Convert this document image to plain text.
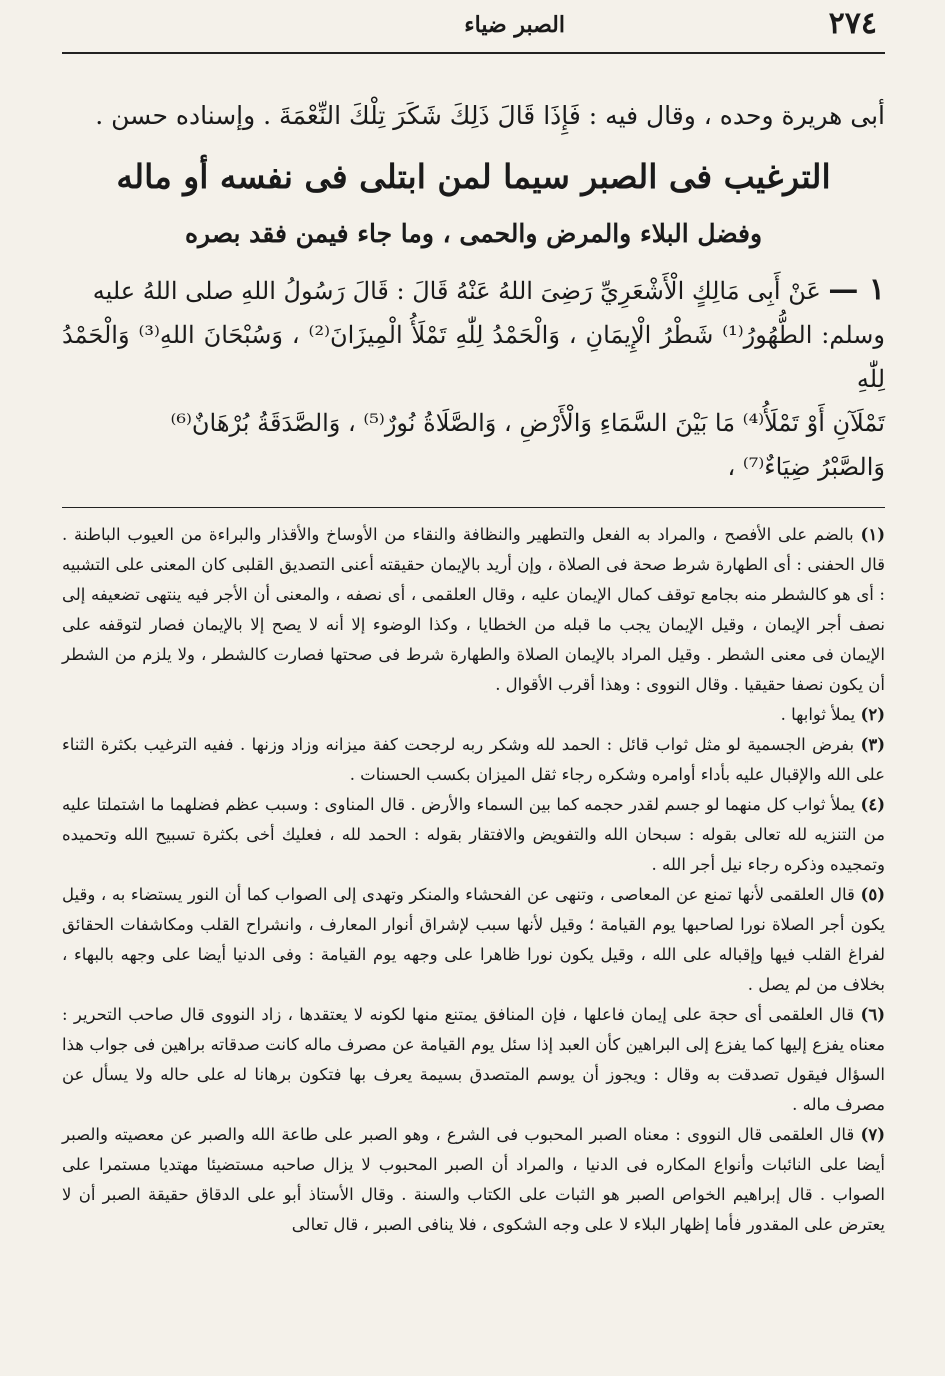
٢٧٤
الصبر ضياء

أبى هريرة وحده ، وقال فيه : فَإِذَا قَالَ ذَلِكَ شَكَرَ تِلْكَ النِّعْمَةَ . وإسناده حسن .

الترغيب فى الصبر سيما لمن ابتلى فى نفسه أو ماله
وفضل البلاء والمرض والحمى ، وما جاء فيمن فقد بصره
١ — عَنْ أَبِى مَالِكٍ الْأَشْعَرِيِّ رَضِىَ اللهُ عَنْهُ قَالَ : قَالَ رَسُولُ اللهِ صلى اللهُ عليه
وسلم: الطُّهُورُ⁽¹⁾ شَطْرُ الْإِيمَانِ ، وَالْحَمْدُ لِلّٰهِ تَمْلَأُ الْمِيزَانَ⁽²⁾ ، وَسُبْحَانَ اللهِ⁽³⁾ وَالْحَمْدُ لِلّٰهِ
تَمْلَآنِ أَوْ تَمْلَأُ⁽⁴⁾ مَا بَيْنَ السَّمَاءِ وَالْأَرْضِ ، وَالصَّلَاةُ نُورٌ⁽⁵⁾ ، وَالصَّدَقَةُ بُرْهَانٌ⁽⁶⁾
وَالصَّبْرُ ضِيَاءٌ⁽⁷⁾ ،

(١) بالضم على الأفصح ، والمراد به الفعل والتطهير والنظافة والنقاء من الأوساخ والأقذار والبراءة من العيوب الباطنة . قال الحفنى : أى الطهارة شرط صحة فى الصلاة ، وإن أريد بالإيمان حقيقته أعنى التصديق القلبى كان المعنى على التشبيه : أى هو كالشطر منه بجامع توقف كمال الإيمان عليه ، وقال العلقمى ، أى نصفه ، والمعنى أن الأجر فيه ينتهى تضعيفه إلى نصف أجر الإيمان ، وقيل الإيمان يجب ما قبله من الخطايا ، وكذا الوضوء إلا أنه لا يصح إلا بالإيمان فصار لتوقفه على الإيمان فى معنى الشطر . وقيل المراد بالإيمان الصلاة والطهارة شرط فى صحتها فصارت كالشطر ، ولا يلزم من الشطر أن يكون نصفا حقيقيا . وقال النووى : وهذا أقرب الأقوال .

(٢) يملأ ثوابها .

(٣) بفرض الجسمية لو مثل ثواب قائل : الحمد لله وشكر ربه لرجحت كفة ميزانه وزاد وزنها . ففيه الترغيب بكثرة الثناء على الله والإقبال عليه بأداء أوامره وشكره رجاء ثقل الميزان بكسب الحسنات .

(٤) يملأ ثواب كل منهما لو جسم لقدر حجمه كما بين السماء والأرض . قال المناوى : وسبب عظم فضلهما ما اشتملتا عليه من التنزيه لله تعالى بقوله : سبحان الله والتفويض والافتقار بقوله : الحمد لله ، فعليك أخى بكثرة تسبيح الله وتحميده وتمجيده وذكره رجاء نيل أجر الله .

(٥) قال العلقمى لأنها تمنع عن المعاصى ، وتنهى عن الفحشاء والمنكر وتهدى إلى الصواب كما أن النور يستضاء به ، وقيل يكون أجر الصلاة نورا لصاحبها يوم القيامة ؛ وقيل لأنها سبب لإشراق أنوار المعارف ، وانشراح القلب ومكاشفات الحقائق لفراغ القلب فيها وإقباله على الله ، وقيل يكون نورا ظاهرا على وجهه يوم القيامة : وفى الدنيا أيضا على وجهه بالبهاء ، بخلاف من لم يصل .

(٦) قال العلقمى أى حجة على إيمان فاعلها ، فإن المنافق يمتنع منها لكونه لا يعتقدها ، زاد النووى قال صاحب التحرير : معناه يفزع إليها كما يفزع إلى البراهين كأن العبد إذا سئل يوم القيامة عن مصرف ماله كانت صدقاته براهين فى جواب هذا السؤال فيقول تصدقت به وقال : ويجوز أن يوسم المتصدق بسيمة يعرف بها فتكون برهانا له على حاله ولا يسأل عن مصرف ماله .

(٧) قال العلقمى قال النووى : معناه الصبر المحبوب فى الشرع ، وهو الصبر على طاعة الله والصبر عن معصيته والصبر أيضا على النائبات وأنواع المكاره فى الدنيا ، والمراد أن الصبر المحبوب لا يزال صاحبه مستضيئا مهتديا مستمرا على الصواب . قال إبراهيم الخواص الصبر هو الثبات على الكتاب والسنة . وقال الأستاذ أبو على الدقاق حقيقة الصبر أن لا يعترض على المقدور فأما إظهار البلاء لا على وجه الشكوى ، فلا ينافى الصبر ، قال تعالى
